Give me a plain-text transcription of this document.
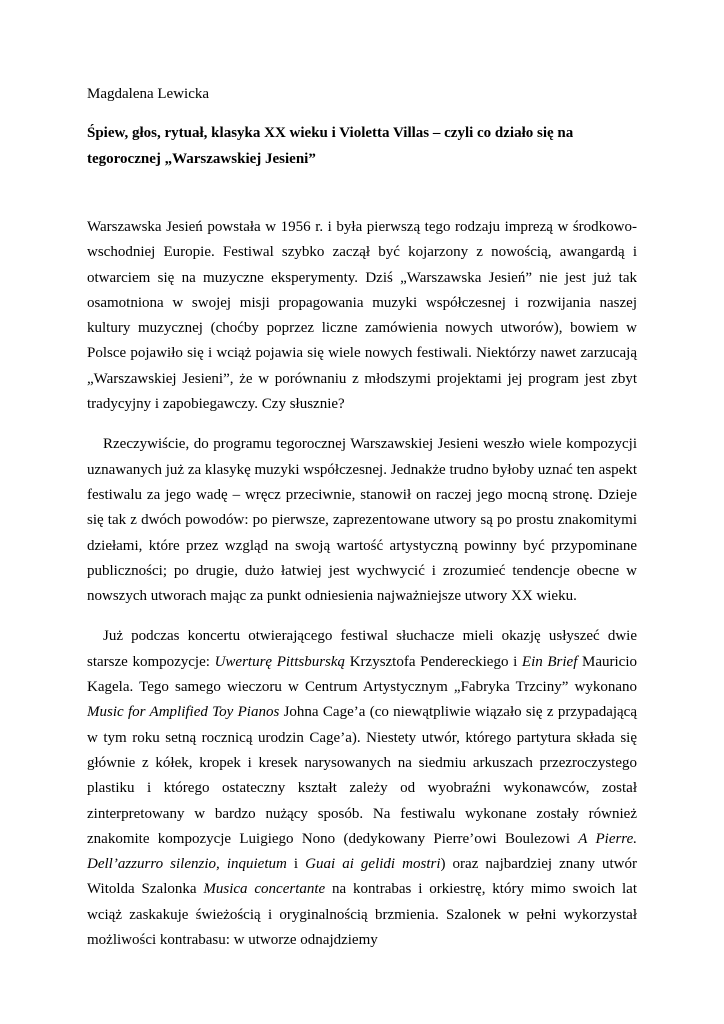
Magdalena Lewicka

Śpiew, głos, rytuał, klasyka XX wieku i Violetta Villas – czyli co działo się na tegorocznej „Warszawskiej Jesieni”

Warszawska Jesień powstała w 1956 r. i była pierwszą tego rodzaju imprezą w środkowo-wschodniej Europie. Festiwal szybko zaczął być kojarzony z nowością, awangardą i otwarciem się na muzyczne eksperymenty. Dziś „Warszawska Jesień” nie jest już tak osamotniona w swojej misji propagowania muzyki współczesnej i rozwijania naszej kultury muzycznej (choćby poprzez liczne zamówienia nowych utworów), bowiem w Polsce pojawiło się i wciąż pojawia się wiele nowych festiwali. Niektórzy nawet zarzucają „Warszawskiej Jesieni”, że w porównaniu z młodszymi projektami jej program jest zbyt tradycyjny i zapobiegawczy. Czy słusznie?

Rzeczywiście, do programu tegorocznej Warszawskiej Jesieni weszło wiele kompozycji uznawanych już za klasykę muzyki współczesnej. Jednakże trudno byłoby uznać ten aspekt festiwalu za jego wadę – wręcz przeciwnie, stanowił on raczej jego mocną stronę. Dzieje się tak z dwóch powodów: po pierwsze, zaprezentowane utwory są po prostu znakomitymi dziełami, które przez wzgląd na swoją wartość artystyczną powinny być przypominane publiczności; po drugie, dużo łatwiej jest wychwycić i zrozumieć tendencje obecne w nowszych utworach mając za punkt odniesienia najważniejsze utwory XX wieku.

Już podczas koncertu otwierającego festiwal słuchacze mieli okazję usłyszeć dwie starsze kompozycje: Uwerturę Pittsburską Krzysztofa Pendereckiego i Ein Brief Mauricio Kagela. Tego samego wieczoru w Centrum Artystycznym „Fabryka Trzciny” wykonano Music for Amplified Toy Pianos Johna Cage’a (co niewątpliwie wiązało się z przypadającą w tym roku setną rocznicą urodzin Cage’a). Niestety utwór, którego partytura składa się głównie z kółek, kropek i kresek narysowanych na siedmiu arkuszach przezroczystego plastiku i którego ostateczny kształt zależy od wyobraźni wykonawców, został zinterpretowany w bardzo nużący sposób. Na festiwalu wykonane zostały również znakomite kompozycje Luigiego Nono (dedykowany Pierre’owi Boulezowi A Pierre. Dell’azzurro silenzio, inquietum i Guai ai gelidi mostri) oraz najbardziej znany utwór Witolda Szalonka Musica concertante na kontrabas i orkiestrę, który mimo swoich lat wciąż zaskakuje świeżością i oryginalnością brzmienia. Szalonek w pełni wykorzystał możliwości kontrabasu: w utworze odnajdziemy
